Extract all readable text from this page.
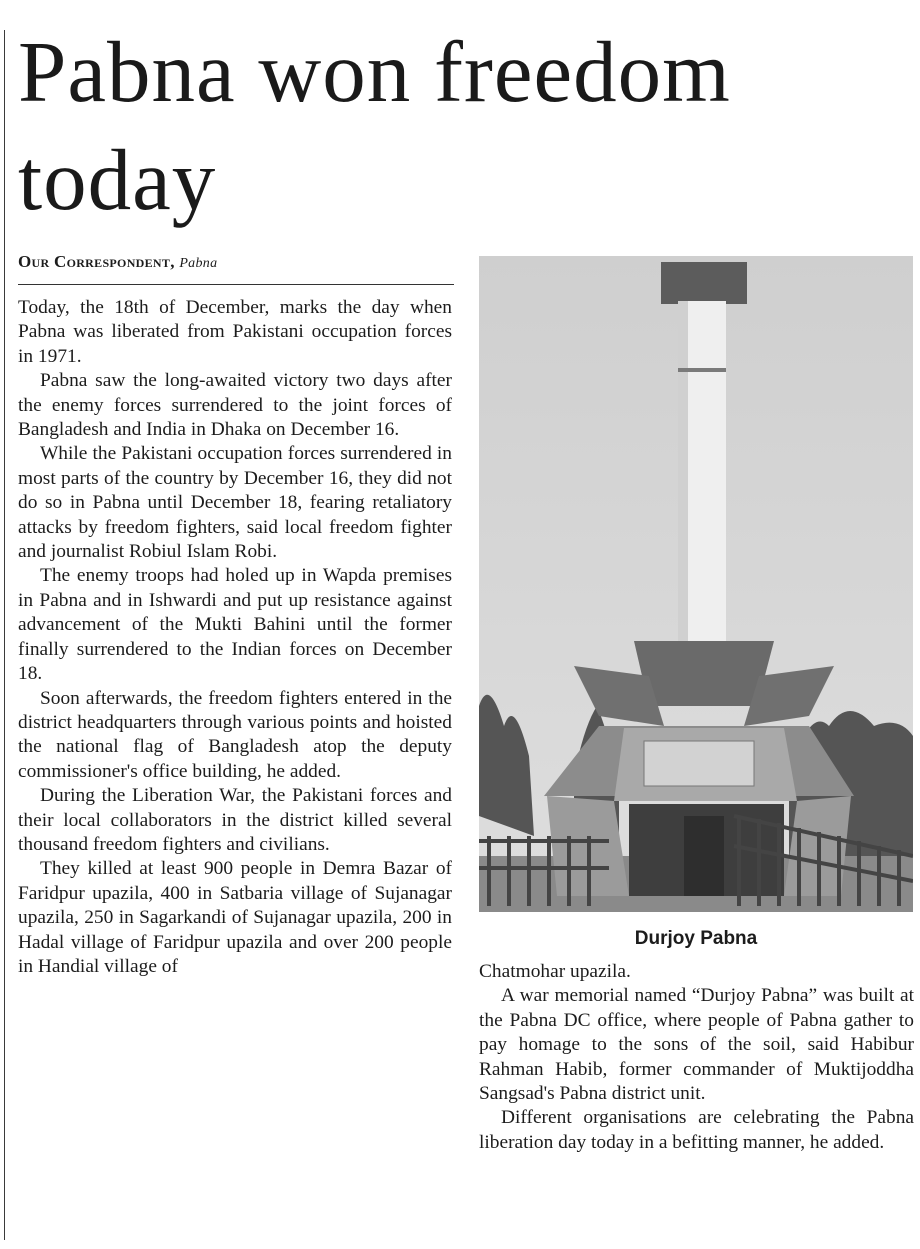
Pabna won freedom today
Our Correspondent, Pabna

Today, the 18th of December, marks the day when Pabna was liberated from Pakistani occupation forces in 1971.

Pabna saw the long-awaited victory two days after the enemy forces surrendered to the joint forces of Bangladesh and India in Dhaka on December 16.

While the Pakistani occupation forces surrendered in most parts of the country by December 16, they did not do so in Pabna until December 18, fearing retaliatory attacks by freedom fighters, said local freedom fighter and journalist Robiul Islam Robi.

The enemy troops had holed up in Wapda premises in Pabna and in Ishwardi and put up resistance against advancement of the Mukti Bahini until the former finally surrendered to the Indian forces on December 18.

Soon afterwards, the freedom fighters entered in the district headquarters through various points and hoisted the national flag of Bangladesh atop the deputy commissioner's office building, he added.

During the Liberation War, the Pakistani forces and their local collaborators in the district killed several thousand freedom fighters and civilians.

They killed at least 900 people in Demra Bazar of Faridpur upazila, 400 in Satbaria village of Sujanagar upazila, 250 in Sagarkandi of Sujanagar upazila, 200 in Hadal village of Faridpur upazila and over 200 people in Handial village of

Durjoy Pabna

Chatmohar upazila.

A war memorial named “Durjoy Pabna” was built at the Pabna DC office, where people of Pabna gather to pay homage to the sons of the soil, said Habibur Rahman Habib, former commander of Muktijoddha Sangsad's Pabna district unit.

Different organisations are celebrating the Pabna liberation day today in a befitting manner, he added.
